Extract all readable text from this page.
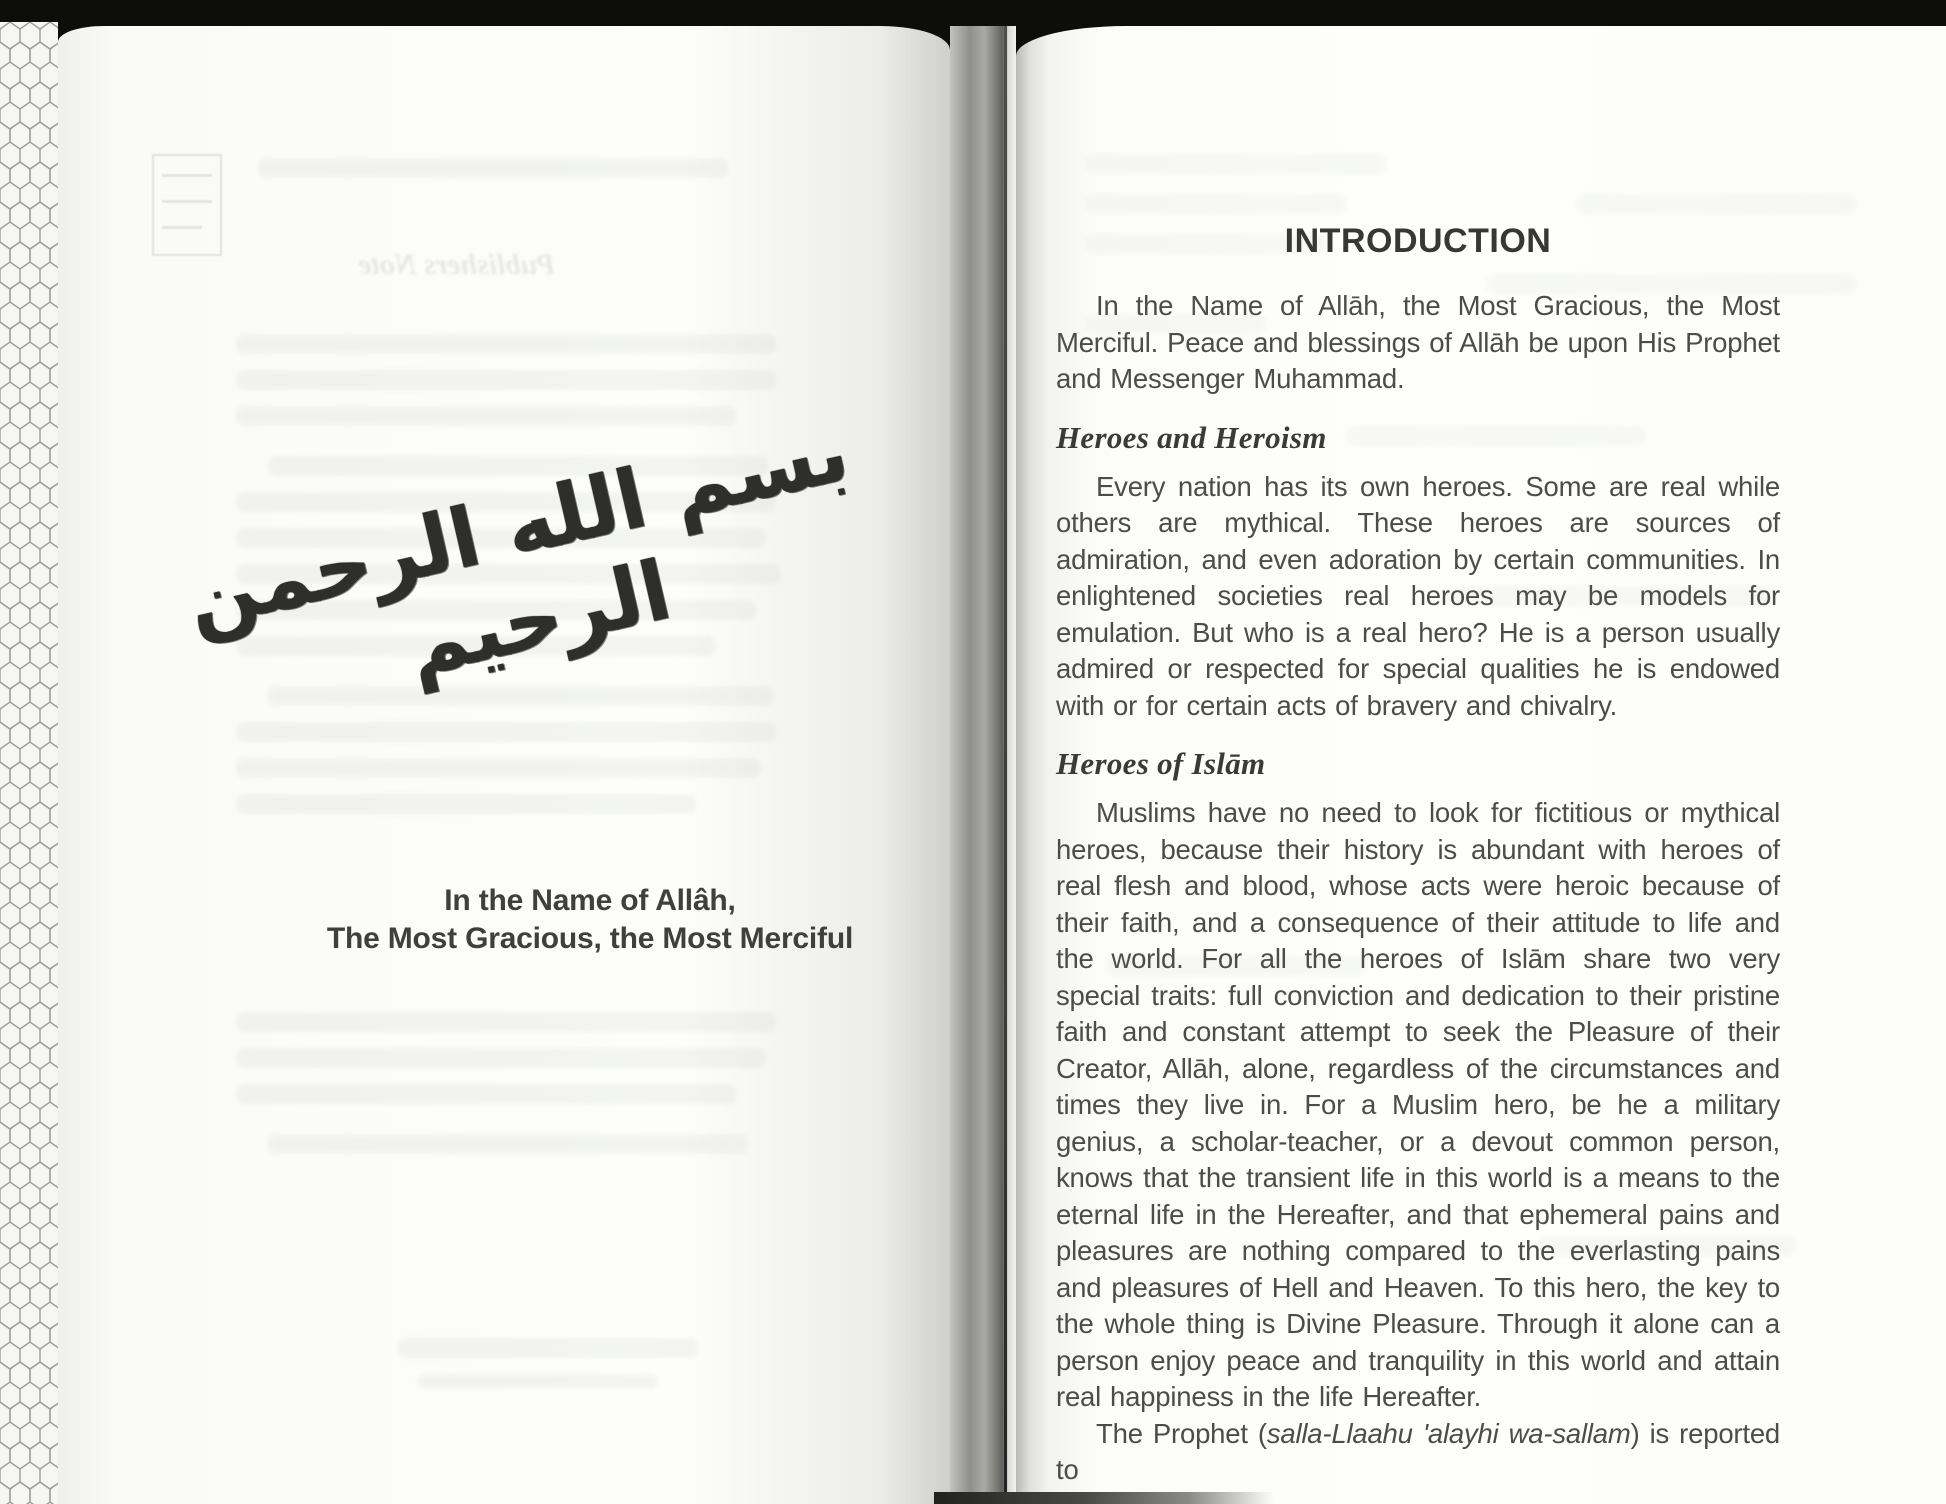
Publishers Note
بسم الله الرحمن الرحيم
In the Name of Allâh,
The Most Gracious, the Most Merciful
INTRODUCTION

In the Name of Allāh, the Most Gracious, the Most Merciful. Peace and blessings of Allāh be upon His Prophet and Messenger Muhammad.

Heroes and Heroism

Every nation has its own heroes. Some are real while others are mythical. These heroes are sources of admiration, and even adoration by certain communities. In enlightened societies real heroes may be models for emulation. But who is a real hero? He is a person usually admired or respected for special qualities he is endowed with or for certain acts of bravery and chivalry.

Heroes of Islām

Muslims have no need to look for fictitious or mythical heroes, because their history is abundant with heroes of real flesh and blood, whose acts were heroic because of their faith, and a consequence of their attitude to life and the world. For all the heroes of Islām share two very special traits: full conviction and dedication to their pristine faith and constant attempt to seek the Pleasure of their Creator, Allāh, alone, regardless of the circumstances and times they live in. For a Muslim hero, be he a military genius, a scholar-teacher, or a devout common person, knows that the transient life in this world is a means to the eternal life in the Hereafter, and that ephemeral pains and pleasures are nothing compared to the everlasting pains and pleasures of Hell and Heaven. To this hero, the key to the whole thing is Divine Pleasure. Through it alone can a person enjoy peace and tranquility in this world and attain real happiness in the life Hereafter.

The Prophet (salla-Llaahu 'alayhi wa-sallam) is reported to
